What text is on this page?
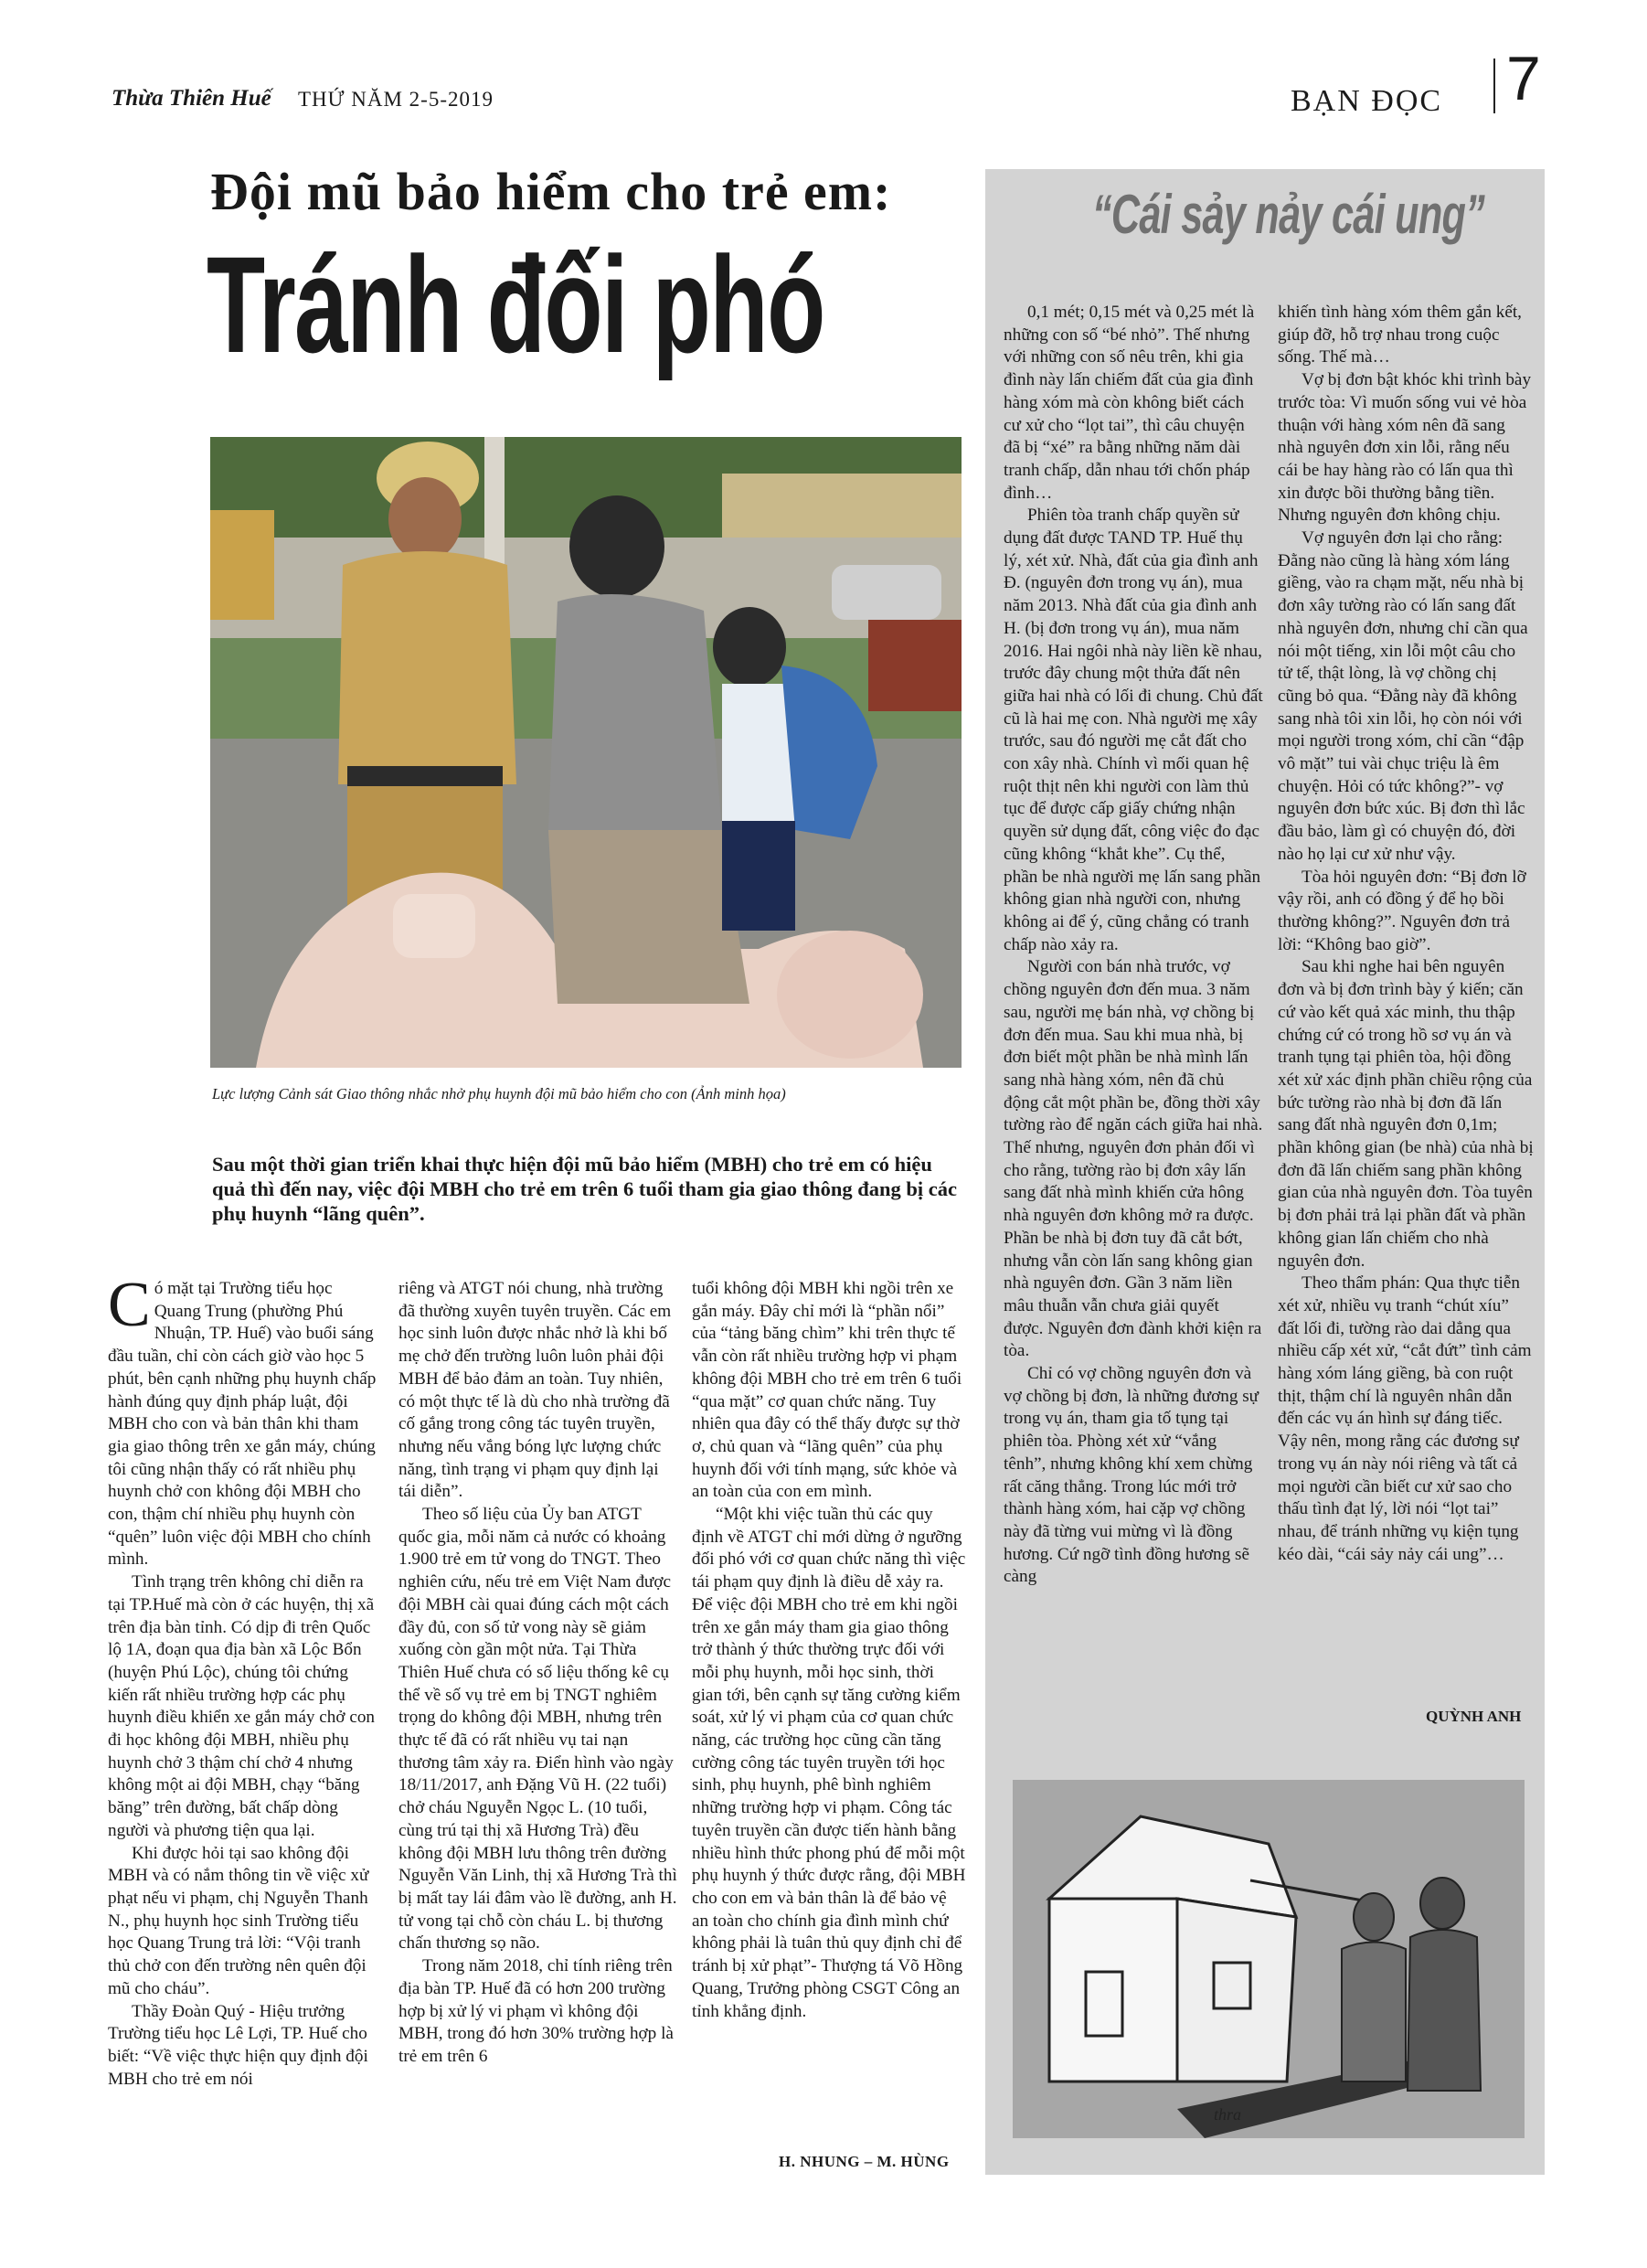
Thừa Thiên Huế THỨ NĂM 2-5-2019	BẠN ĐỌC 7
Đội mũ bảo hiểm cho trẻ em:
Tránh đối phó
Lực lượng Cảnh sát Giao thông nhắc nhở phụ huynh đội mũ bảo hiểm cho con (Ảnh minh họa)
Sau một thời gian triển khai thực hiện đội mũ bảo hiểm (MBH) cho trẻ em có hiệu quả thì đến nay, việc đội MBH cho trẻ em trên 6 tuổi tham gia giao thông đang bị các phụ huynh “lãng quên”.

Có mặt tại Trường tiểu học Quang Trung (phường Phú Nhuận, TP. Huế) vào buổi sáng đầu tuần, chỉ còn cách giờ vào học 5 phút, bên cạnh những phụ huynh chấp hành đúng quy định pháp luật, đội MBH cho con và bản thân khi tham gia giao thông trên xe gắn máy, chúng tôi cũng nhận thấy có rất nhiều phụ huynh chở con không đội MBH cho con, thậm chí nhiều phụ huynh còn “quên” luôn việc đội MBH cho chính mình.

Tình trạng trên không chỉ diễn ra tại TP.Huế mà còn ở các huyện, thị xã trên địa bàn tỉnh. Có dịp đi trên Quốc lộ 1A, đoạn qua địa bàn xã Lộc Bổn (huyện Phú Lộc), chúng tôi chứng kiến rất nhiều trường hợp các phụ huynh điều khiển xe gắn máy chở con đi học không đội MBH, nhiều phụ huynh chở 3 thậm chí chở 4 nhưng không một ai đội MBH, chạy “băng băng” trên đường, bất chấp dòng người và phương tiện qua lại.

Khi được hỏi tại sao không đội MBH và có nắm thông tin về việc xử phạt nếu vi phạm, chị Nguyễn Thanh N., phụ huynh học sinh Trường tiểu học Quang Trung trả lời: “Vội tranh thủ chở con đến trường nên quên đội mũ cho cháu”.

Thầy Đoàn Quý - Hiệu trưởng Trường tiểu học Lê Lợi, TP. Huế cho biết: “Về việc thực hiện quy định đội MBH cho trẻ em nói

riêng và ATGT nói chung, nhà trường đã thường xuyên tuyên truyền. Các em học sinh luôn được nhắc nhở là khi bố mẹ chở đến trường luôn luôn phải đội MBH để bảo đảm an toàn. Tuy nhiên, có một thực tế là dù cho nhà trường đã cố gắng trong công tác tuyên truyền, nhưng nếu vắng bóng lực lượng chức năng, tình trạng vi phạm quy định lại tái diễn”.

Theo số liệu của Ủy ban ATGT quốc gia, mỗi năm cả nước có khoảng 1.900 trẻ em tử vong do TNGT. Theo nghiên cứu, nếu trẻ em Việt Nam được đội MBH cài quai đúng cách một cách đầy đủ, con số tử vong này sẽ giảm xuống còn gần một nửa. Tại Thừa Thiên Huế chưa có số liệu thống kê cụ thể về số vụ trẻ em bị TNGT nghiêm trọng do không đội MBH, nhưng trên thực tế đã có rất nhiều vụ tai nạn thương tâm xảy ra. Điển hình vào ngày 18/11/2017, anh Đặng Vũ H. (22 tuổi) chở cháu Nguyễn Ngọc L. (10 tuổi, cùng trú tại thị xã Hương Trà) đều không đội MBH lưu thông trên đường Nguyễn Văn Linh, thị xã Hương Trà thì bị mất tay lái đâm vào lề đường, anh H. tử vong tại chỗ còn cháu L. bị thương chấn thương sọ não.

Trong năm 2018, chỉ tính riêng trên địa bàn TP. Huế đã có hơn 200 trường hợp bị xử lý vi phạm vì không đội MBH, trong đó hơn 30% trường hợp là trẻ em trên 6

tuổi không đội MBH khi ngồi trên xe gắn máy. Đây chỉ mới là “phần nổi” của “tảng băng chìm” khi trên thực tế vẫn còn rất nhiều trường hợp vi phạm không đội MBH cho trẻ em trên 6 tuổi “qua mặt” cơ quan chức năng. Tuy nhiên qua đây có thể thấy được sự thờ ơ, chủ quan và “lãng quên” của phụ huynh đối với tính mạng, sức khỏe và an toàn của con em mình.

“Một khi việc tuần thủ các quy định về ATGT chỉ mới dừng ở ngưỡng đối phó với cơ quan chức năng thì việc tái phạm quy định là điều dễ xảy ra. Để việc đội MBH cho trẻ em khi ngồi trên xe gắn máy tham gia giao thông trở thành ý thức thường trực đối với mỗi phụ huynh, mỗi học sinh, thời gian tới, bên cạnh sự tăng cường kiểm soát, xử lý vi phạm của cơ quan chức năng, các trường học cũng cần tăng cường công tác tuyên truyền tới học sinh, phụ huynh, phê bình nghiêm những trường hợp vi phạm. Công tác tuyên truyền cần được tiến hành bằng nhiều hình thức phong phú để mỗi một phụ huynh ý thức được rằng, đội MBH cho con em và bản thân là để bảo vệ an toàn cho chính gia đình mình chứ không phải là tuân thủ quy định chỉ để tránh bị xử phạt”- Thượng tá Võ Hồng Quang, Trưởng phòng CSGT Công an tỉnh khẳng định.

H. NHUNG – M. HÙNG
“Cái sảy nảy cái ung”

0,1 mét; 0,15 mét và 0,25 mét là những con số “bé nhỏ”. Thế nhưng với những con số nêu trên, khi gia đình này lấn chiếm đất của gia đình hàng xóm mà còn không biết cách cư xử cho “lọt tai”, thì câu chuyện đã bị “xé” ra bằng những năm dài tranh chấp, dẫn nhau tới chốn pháp đình…

Phiên tòa tranh chấp quyền sử dụng đất được TAND TP. Huế thụ lý, xét xử. Nhà, đất của gia đình anh Đ. (nguyên đơn trong vụ án), mua năm 2013. Nhà đất của gia đình anh H. (bị đơn trong vụ án), mua năm 2016. Hai ngôi nhà này liền kề nhau, trước đây chung một thửa đất nên giữa hai nhà có lối đi chung. Chủ đất cũ là hai mẹ con. Nhà người mẹ xây trước, sau đó người mẹ cắt đất cho con xây nhà. Chính vì mối quan hệ ruột thịt nên khi người con làm thủ tục để được cấp giấy chứng nhận quyền sử dụng đất, công việc đo đạc cũng không “khắt khe”. Cụ thể, phần be nhà người mẹ lấn sang phần không gian nhà người con, nhưng không ai để ý, cũng chẳng có tranh chấp nào xảy ra.

Người con bán nhà trước, vợ chồng nguyên đơn đến mua. 3 năm sau, người mẹ bán nhà, vợ chồng bị đơn đến mua. Sau khi mua nhà, bị đơn biết một phần be nhà mình lấn sang nhà hàng xóm, nên đã chủ động cắt một phần be, đồng thời xây tường rào để ngăn cách giữa hai nhà. Thế nhưng, nguyên đơn phản đối vì cho rằng, tường rào bị đơn xây lấn sang đất nhà mình khiến cửa hông nhà nguyên đơn không mở ra được. Phần be nhà bị đơn tuy đã cắt bớt, nhưng vẫn còn lấn sang không gian nhà nguyên đơn. Gần 3 năm liền mâu thuẫn vẫn chưa giải quyết được. Nguyên đơn đành khởi kiện ra tòa.

Chỉ có vợ chồng nguyên đơn và vợ chồng bị đơn, là những đương sự trong vụ án, tham gia tố tụng tại phiên tòa. Phòng xét xử “vắng tênh”, nhưng không khí xem chừng rất căng thẳng. Trong lúc mới trở thành hàng xóm, hai cặp vợ chồng này đã từng vui mừng vì là đồng hương. Cứ ngỡ tình đồng hương sẽ càng

khiến tình hàng xóm thêm gắn kết, giúp đỡ, hỗ trợ nhau trong cuộc sống. Thế mà…

Vợ bị đơn bật khóc khi trình bày trước tòa: Vì muốn sống vui vẻ hòa thuận với hàng xóm nên đã sang nhà nguyên đơn xin lỗi, rằng nếu cái be hay hàng rào có lấn qua thì xin được bồi thường bằng tiền. Nhưng nguyên đơn không chịu.

Vợ nguyên đơn lại cho rằng: Đằng nào cũng là hàng xóm láng giềng, vào ra chạm mặt, nếu nhà bị đơn xây tường rào có lấn sang đất nhà nguyên đơn, nhưng chỉ cần qua nói một tiếng, xin lỗi một câu cho tử tế, thật lòng, là vợ chồng chị cũng bỏ qua. “Đằng này đã không sang nhà tôi xin lỗi, họ còn nói với mọi người trong xóm, chỉ cần “đập vô mặt” tui vài chục triệu là êm chuyện. Hỏi có tức không?”- vợ nguyên đơn bức xúc. Bị đơn thì lắc đầu bảo, làm gì có chuyện đó, đời nào họ lại cư xử như vậy.

Tòa hỏi nguyên đơn: “Bị đơn lỡ vậy rồi, anh có đồng ý để họ bồi thường không?”. Nguyên đơn trả lời: “Không bao giờ”.

Sau khi nghe hai bên nguyên đơn và bị đơn trình bày ý kiến; căn cứ vào kết quả xác minh, thu thập chứng cứ có trong hồ sơ vụ án và tranh tụng tại phiên tòa, hội đồng xét xử xác định phần chiều rộng của bức tường rào nhà bị đơn đã lấn sang đất nhà nguyên đơn 0,1m; phần không gian (be nhà) của nhà bị đơn đã lấn chiếm sang phần không gian của nhà nguyên đơn. Tòa tuyên bị đơn phải trả lại phần đất và phần không gian lấn chiếm cho nhà nguyên đơn.

Theo thẩm phán: Qua thực tiễn xét xử, nhiều vụ tranh “chút xíu” đất lối đi, tường rào dai dẳng qua nhiều cấp xét xử, “cắt đứt” tình cảm hàng xóm láng giềng, bà con ruột thịt, thậm chí là nguyên nhân dẫn đến các vụ án hình sự đáng tiếc. Vậy nên, mong rằng các đương sự trong vụ án này nói riêng và tất cả mọi người cần biết cư xử sao cho thấu tình đạt lý, lời nói “lọt tai” nhau, để tránh những vụ kiện tụng kéo dài, “cái sảy nảy cái ung”…

QUỲNH ANH
thra
